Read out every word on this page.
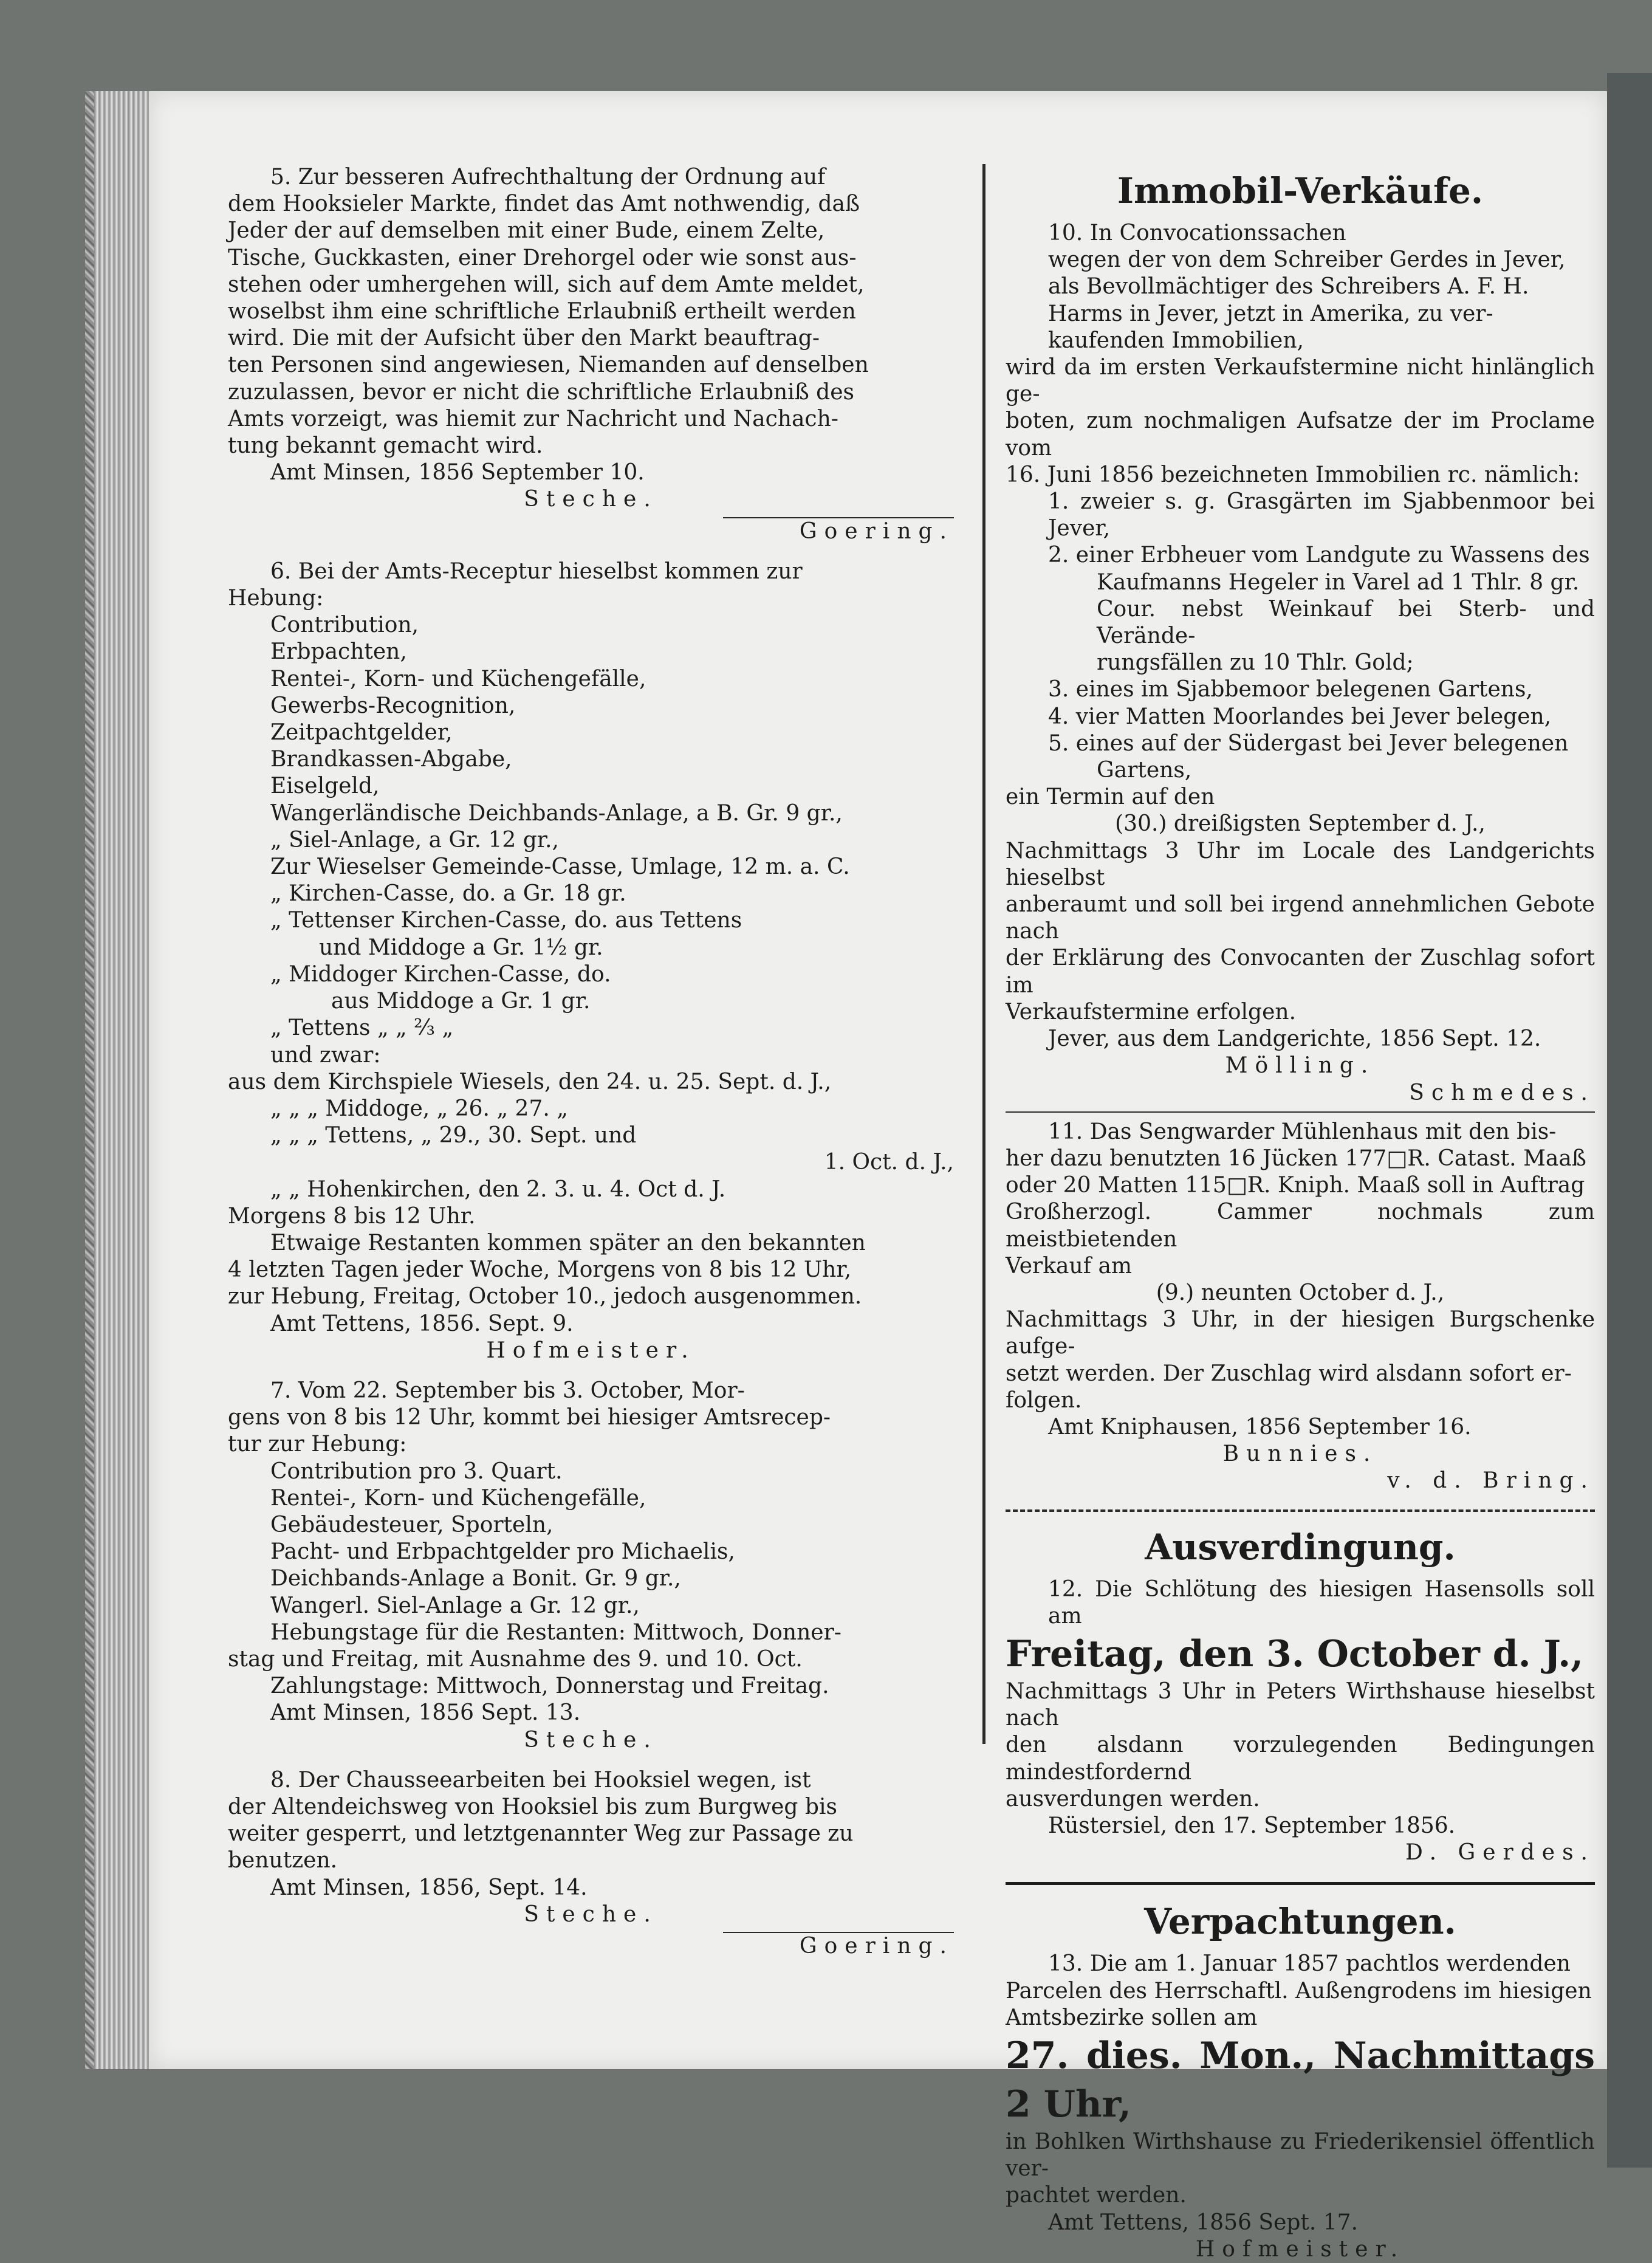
5. Zur besseren Aufrechthaltung der Ordnung auf

dem Hooksieler Markte, findet das Amt nothwendig, daß

Jeder der auf demselben mit einer Bude, einem Zelte,

Tische, Guckkasten, einer Drehorgel oder wie sonst aus-

stehen oder umhergehen will, sich auf dem Amte meldet,

woselbst ihm eine schriftliche Erlaubniß ertheilt werden

wird. Die mit der Aufsicht über den Markt beauftrag-

ten Personen sind angewiesen, Niemanden auf denselben

zuzulassen, bevor er nicht die schriftliche Erlaubniß des

Amts vorzeigt, was hiemit zur Nachricht und Nachach-

tung bekannt gemacht wird.

Amt Minsen, 1856 September 10.

Steche.

Goering.

6. Bei der Amts-Receptur hieselbst kommen zur

Hebung:

Contribution,

Erbpachten,

Rentei-, Korn- und Küchengefälle,

Gewerbs-Recognition,

Zeitpachtgelder,

Brandkassen-Abgabe,

Eiselgeld,

Wangerländische Deichbands-Anlage, a B. Gr. 9 gr.,

„ Siel-Anlage, a Gr. 12 gr.,

Zur Wieselser Gemeinde-Casse, Umlage, 12 m. a. C.

„ Kirchen-Casse, do. a Gr. 18 gr.

„ Tettenser Kirchen-Casse, do. aus Tettens

und Middoge a Gr. 1½ gr.

„ Middoger Kirchen-Casse, do.

aus Middoge a Gr. 1 gr.

„ Tettens „ „ ⅔ „

und zwar:

aus dem Kirchspiele Wiesels, den 24. u. 25. Sept. d. J.,

„ „ „ Middoge, „ 26. „ 27. „

„ „ „ Tettens, „ 29., 30. Sept. und

1. Oct. d. J.,

„ „ Hohenkirchen, den 2. 3. u. 4. Oct d. J.

Morgens 8 bis 12 Uhr.

Etwaige Restanten kommen später an den bekannten

4 letzten Tagen jeder Woche, Morgens von 8 bis 12 Uhr,

zur Hebung, Freitag, October 10., jedoch ausgenommen.

Amt Tettens, 1856. Sept. 9.

Hofmeister.

7. Vom 22. September bis 3. October, Mor-

gens von 8 bis 12 Uhr, kommt bei hiesiger Amtsrecep-

tur zur Hebung:

Contribution pro 3. Quart.

Rentei-, Korn- und Küchengefälle,

Gebäudesteuer, Sporteln,

Pacht- und Erbpachtgelder pro Michaelis,

Deichbands-Anlage a Bonit. Gr. 9 gr.,

Wangerl. Siel-Anlage a Gr. 12 gr.,

Hebungstage für die Restanten: Mittwoch, Donner-

stag und Freitag, mit Ausnahme des 9. und 10. Oct.

Zahlungstage: Mittwoch, Donnerstag und Freitag.

Amt Minsen, 1856 Sept. 13.

Steche.

8. Der Chausseearbeiten bei Hooksiel wegen, ist

der Altendeichsweg von Hooksiel bis zum Burgweg bis

weiter gesperrt, und letztgenannter Weg zur Passage zu

benutzen.

Amt Minsen, 1856, Sept. 14.

Steche.

Goering.

Immobil-Verkäufe.

10. In Convocationssachen

wegen der von dem Schreiber Gerdes in Jever,

als Bevollmächtiger des Schreibers A. F. H.

Harms in Jever, jetzt in Amerika, zu ver-

kaufenden Immobilien,

wird da im ersten Verkaufstermine nicht hinlänglich ge-

boten, zum nochmaligen Aufsatze der im Proclame vom

16. Juni 1856 bezeichneten Immobilien rc. nämlich:

1. zweier s. g. Grasgärten im Sjabbenmoor bei Jever,

2. einer Erbheuer vom Landgute zu Wassens des

Kaufmanns Hegeler in Varel ad 1 Thlr. 8 gr.

Cour. nebst Weinkauf bei Sterb- und Verände-

rungsfällen zu 10 Thlr. Gold;

3. eines im Sjabbemoor belegenen Gartens,

4. vier Matten Moorlandes bei Jever belegen,

5. eines auf der Südergast bei Jever belegenen

Gartens,

ein Termin auf den

(30.) dreißigsten September d. J.,

Nachmittags 3 Uhr im Locale des Landgerichts hieselbst

anberaumt und soll bei irgend annehmlichen Gebote nach

der Erklärung des Convocanten der Zuschlag sofort im

Verkaufstermine erfolgen.

Jever, aus dem Landgerichte, 1856 Sept. 12.

Mölling.

Schmedes.

11. Das Sengwarder Mühlenhaus mit den bis-

her dazu benutzten 16 Jücken 177□R. Catast. Maaß

oder 20 Matten 115□R. Kniph. Maaß soll in Auftrag

Großherzogl. Cammer nochmals zum meistbietenden

Verkauf am

(9.) neunten October d. J.,

Nachmittags 3 Uhr, in der hiesigen Burgschenke aufge-

setzt werden. Der Zuschlag wird alsdann sofort er-

folgen.

Amt Kniphausen, 1856 September 16.

Bunnies.

v. d. Bring.

Ausverdingung.

12. Die Schlötung des hiesigen Hasensolls soll am

Freitag, den 3. October d. J.,

Nachmittags 3 Uhr in Peters Wirthshause hieselbst nach

den alsdann vorzulegenden Bedingungen mindestfordernd

ausverdungen werden.

Rüstersiel, den 17. September 1856.

D. Gerdes.

Verpachtungen.

13. Die am 1. Januar 1857 pachtlos werdenden

Parcelen des Herrschaftl. Außengrodens im hiesigen

Amtsbezirke sollen am

27. dies. Mon., Nachmittags 2 Uhr,

in Bohlken Wirthshause zu Friederikensiel öffentlich ver-

pachtet werden.

Amt Tettens, 1856 Sept. 17.

Hofmeister.
